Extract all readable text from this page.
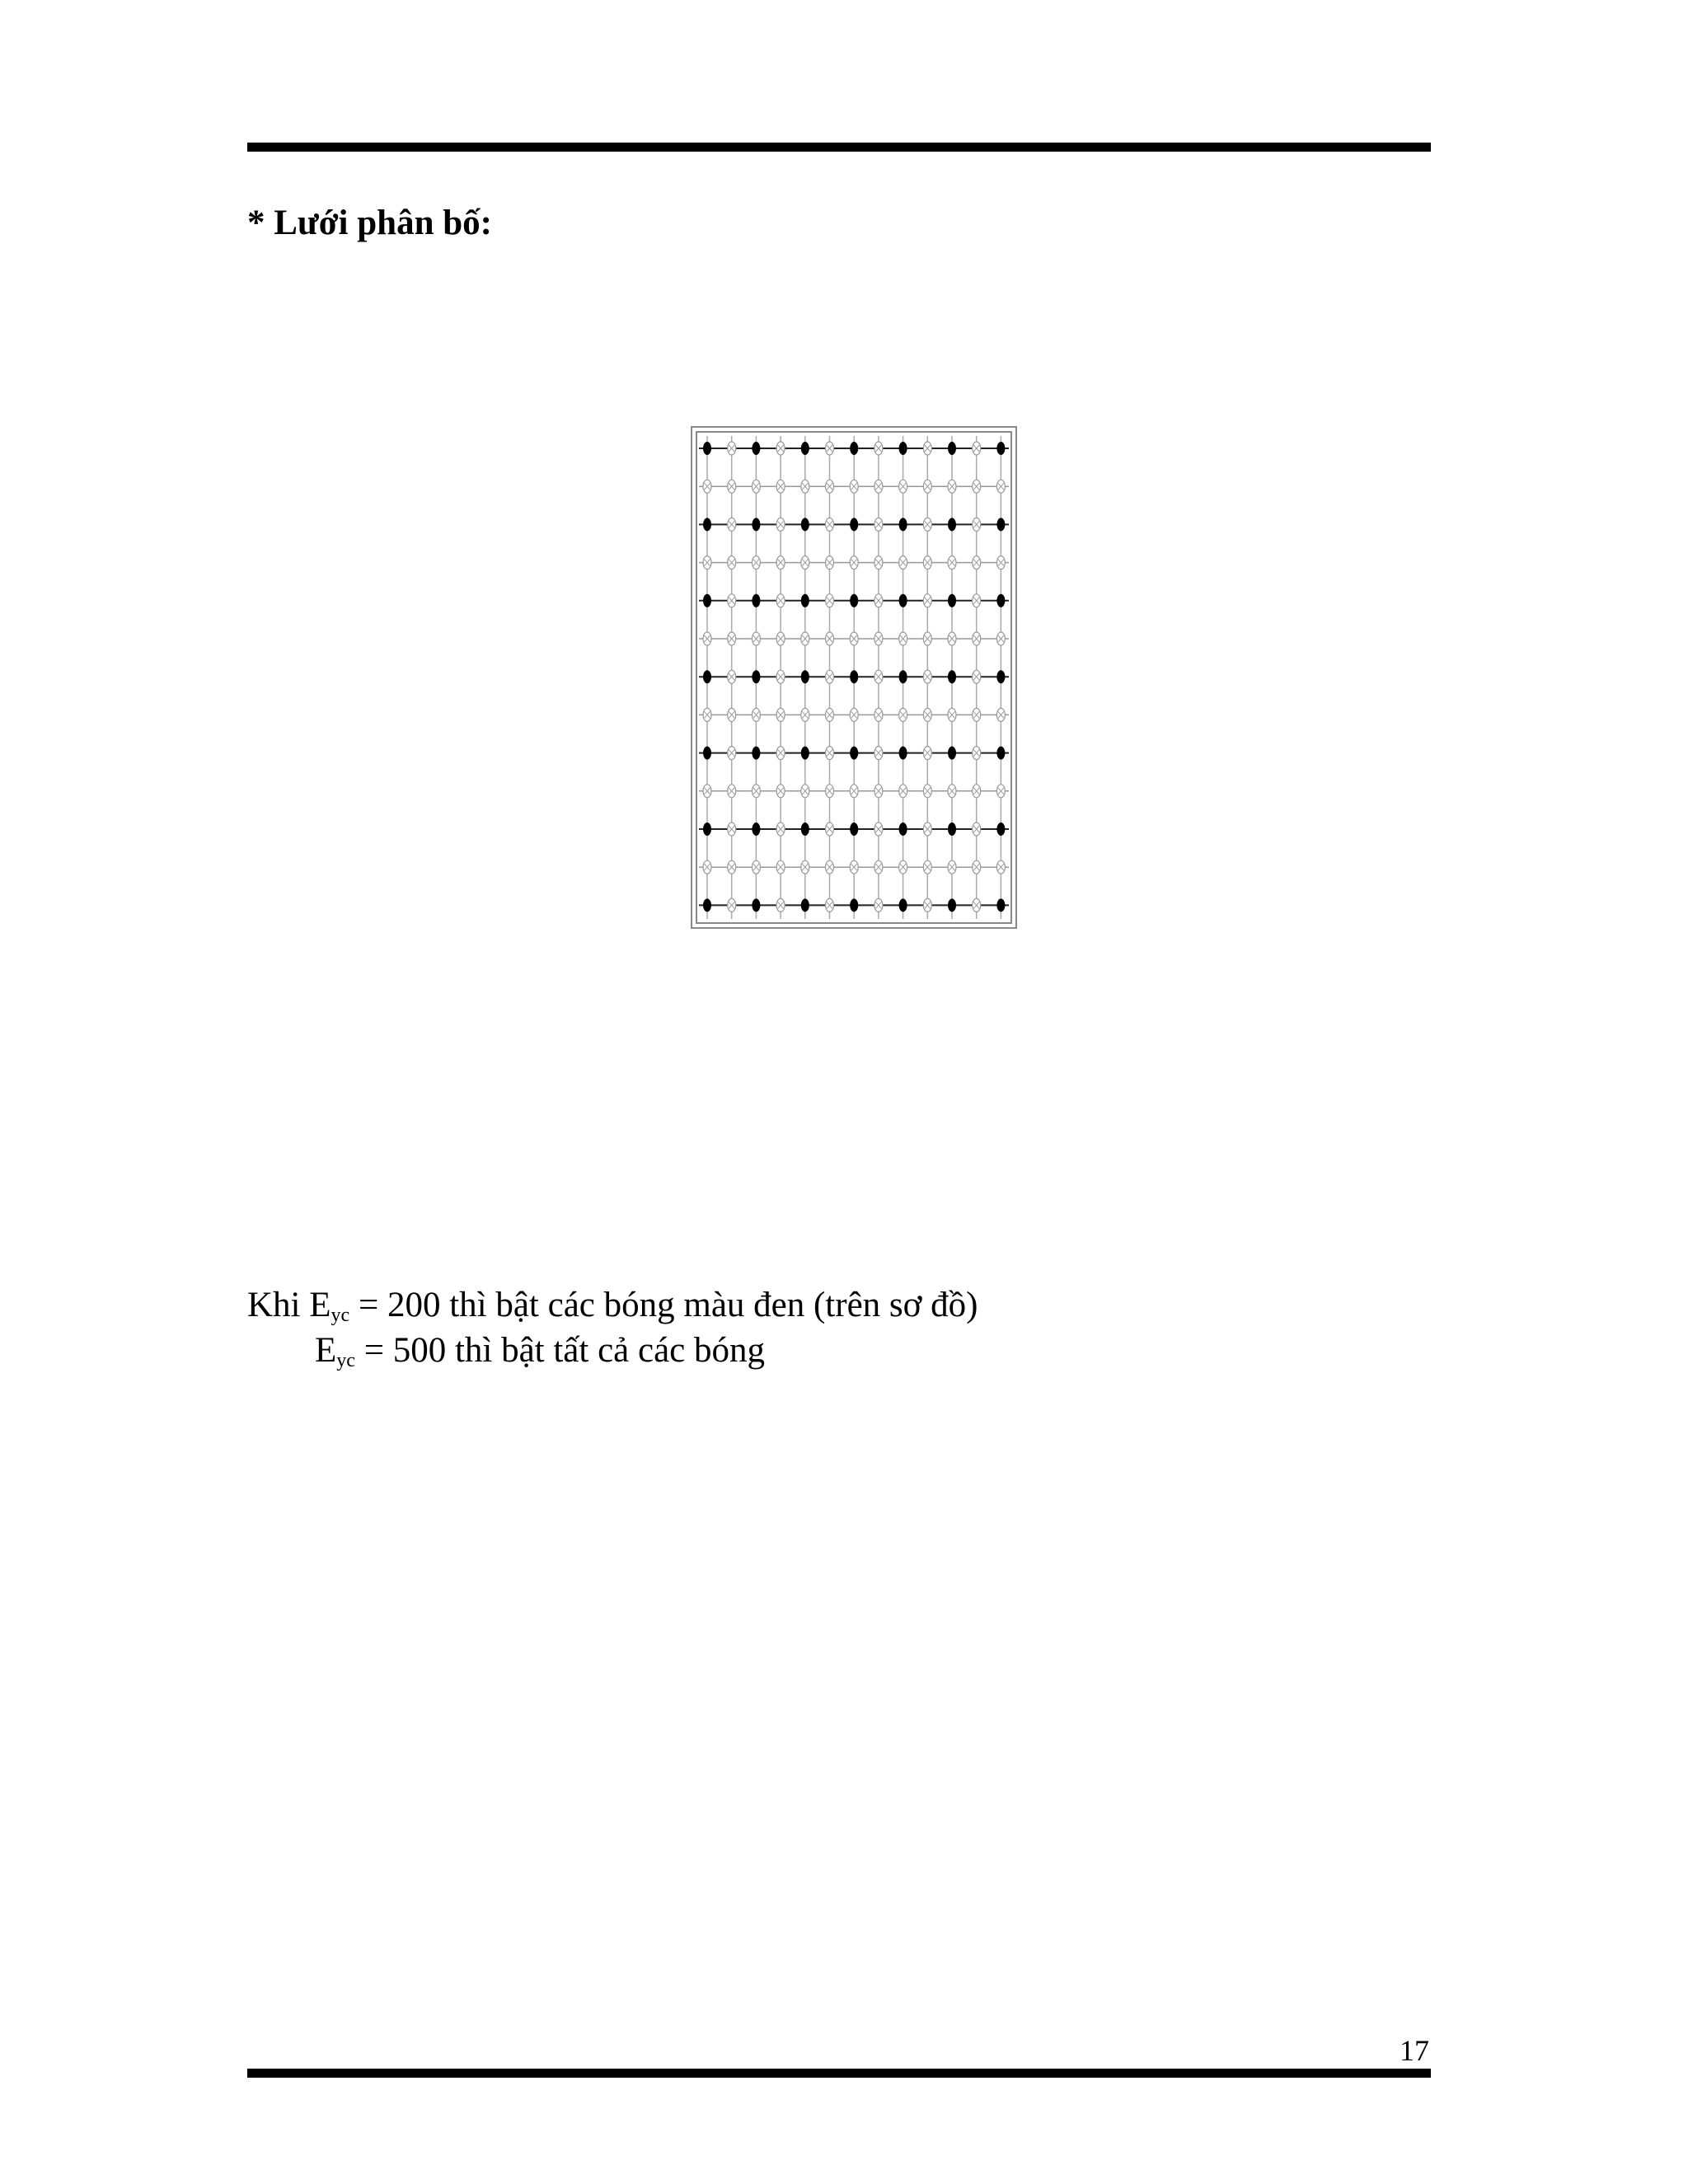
* Lưới phân bố:
Khi $E_{yc} = 200$ thì bật các bóng màu đen (trên sơ đồ)
$E_{yc} = 500$ thì bật tất cả các bóng
17
